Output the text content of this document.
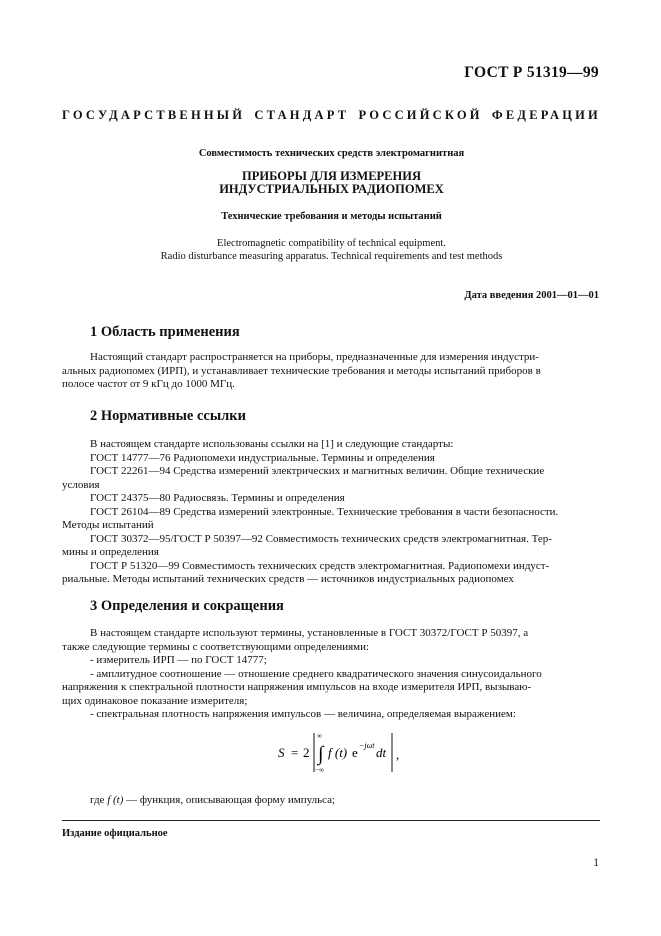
ГОСТ Р 51319—99
ГОСУДАРСТВЕННЫЙ СТАНДАРТ РОССИЙСКОЙ ФЕДЕРАЦИИ
Совместимость технических средств электромагнитная
ПРИБОРЫ ДЛЯ ИЗМЕРЕНИЯ
ИНДУСТРИАЛЬНЫХ РАДИОПОМЕХ
Технические требования и методы испытаний
Electromagnetic compatibility of technical equipment.
Radio disturbance measuring apparatus. Technical requirements and test methods
Дата введения 2001—01—01
1 Область применения

Настоящий стандарт распространяется на приборы, предназначенные для измерения индустри-

альных радиопомех (ИРП), и устанавливает технические требования и методы испытаний приборов в

полосе частот от 9 кГц до 1000 МГц.

2 Нормативные ссылки

В настоящем стандарте использованы ссылки на [1] и следующие стандарты:

ГОСТ 14777—76 Радиопомехи индустриальные. Термины и определения

ГОСТ 22261—94 Средства измерений электрических и магнитных величин. Общие технические

условия

ГОСТ 24375—80 Радиосвязь. Термины и определения

ГОСТ 26104—89 Средства измерений электронные. Технические требования в части безопасности.

Методы испытаний

ГОСТ 30372—95/ГОСТ Р 50397—92 Совместимость технических средств электромагнитная. Тер-

мины и определения

ГОСТ Р 51320—99 Совместимость технических средств электромагнитная. Радиопомехи индуст-

риальные. Методы испытаний технических средств — источников индустриальных радиопомех

3 Определения и сокращения

В настоящем стандарте используют термины, установленные в ГОСТ 30372/ГОСТ Р 50397, а

также следующие термины с соответствующими определениями:

- измеритель ИРП — по ГОСТ 14777;

- амплитудное соотношение — отношение среднего квадратического значения синусоидального

напряжения к спектральной плотности напряжения импульсов на входе измерителя ИРП, вызываю-

щих одинаковое показание измерителя;

- спектральная плотность напряжения импульсов — величина, определяемая выражением:

S = 2
∞
∫
−∞
f (t) e −jωt dt ,

где f (t) — функция, описывающая форму импульса;

Издание официальное
1
